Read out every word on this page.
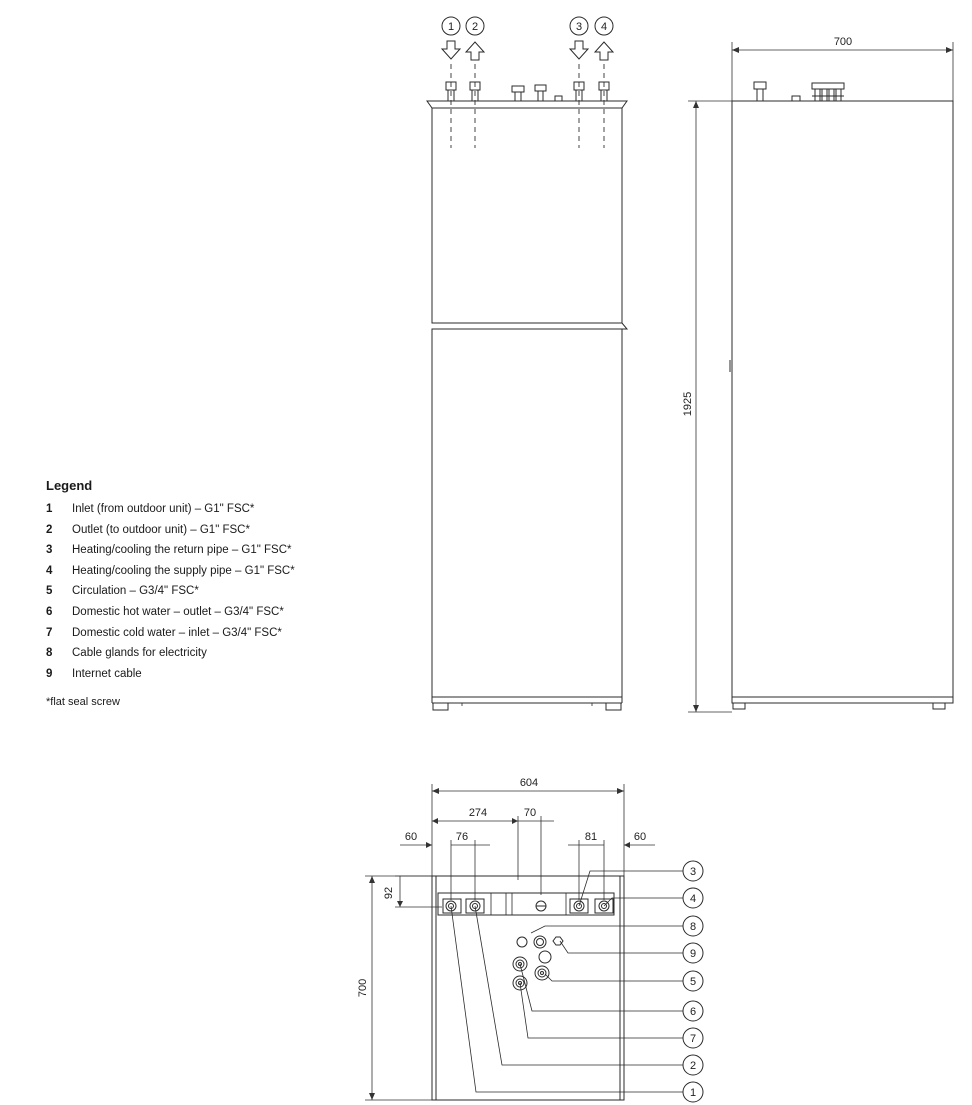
1 2	3 4
700
1925
604
274	70
60	76	81	60
92
700
3
4
8
9
5
6
7
2
1
Legend
1	Inlet (from outdoor unit) – G1" FSC*
2	Outlet (to outdoor unit) – G1" FSC*
3	Heating/cooling the return pipe – G1" FSC*
4	Heating/cooling the supply pipe – G1" FSC*
5	Circulation – G3/4" FSC*
6	Domestic hot water – outlet – G3/4" FSC*
7	Domestic cold water – inlet – G3/4" FSC*
8	Cable glands for electricity
9	Internet cable
*flat seal screw
